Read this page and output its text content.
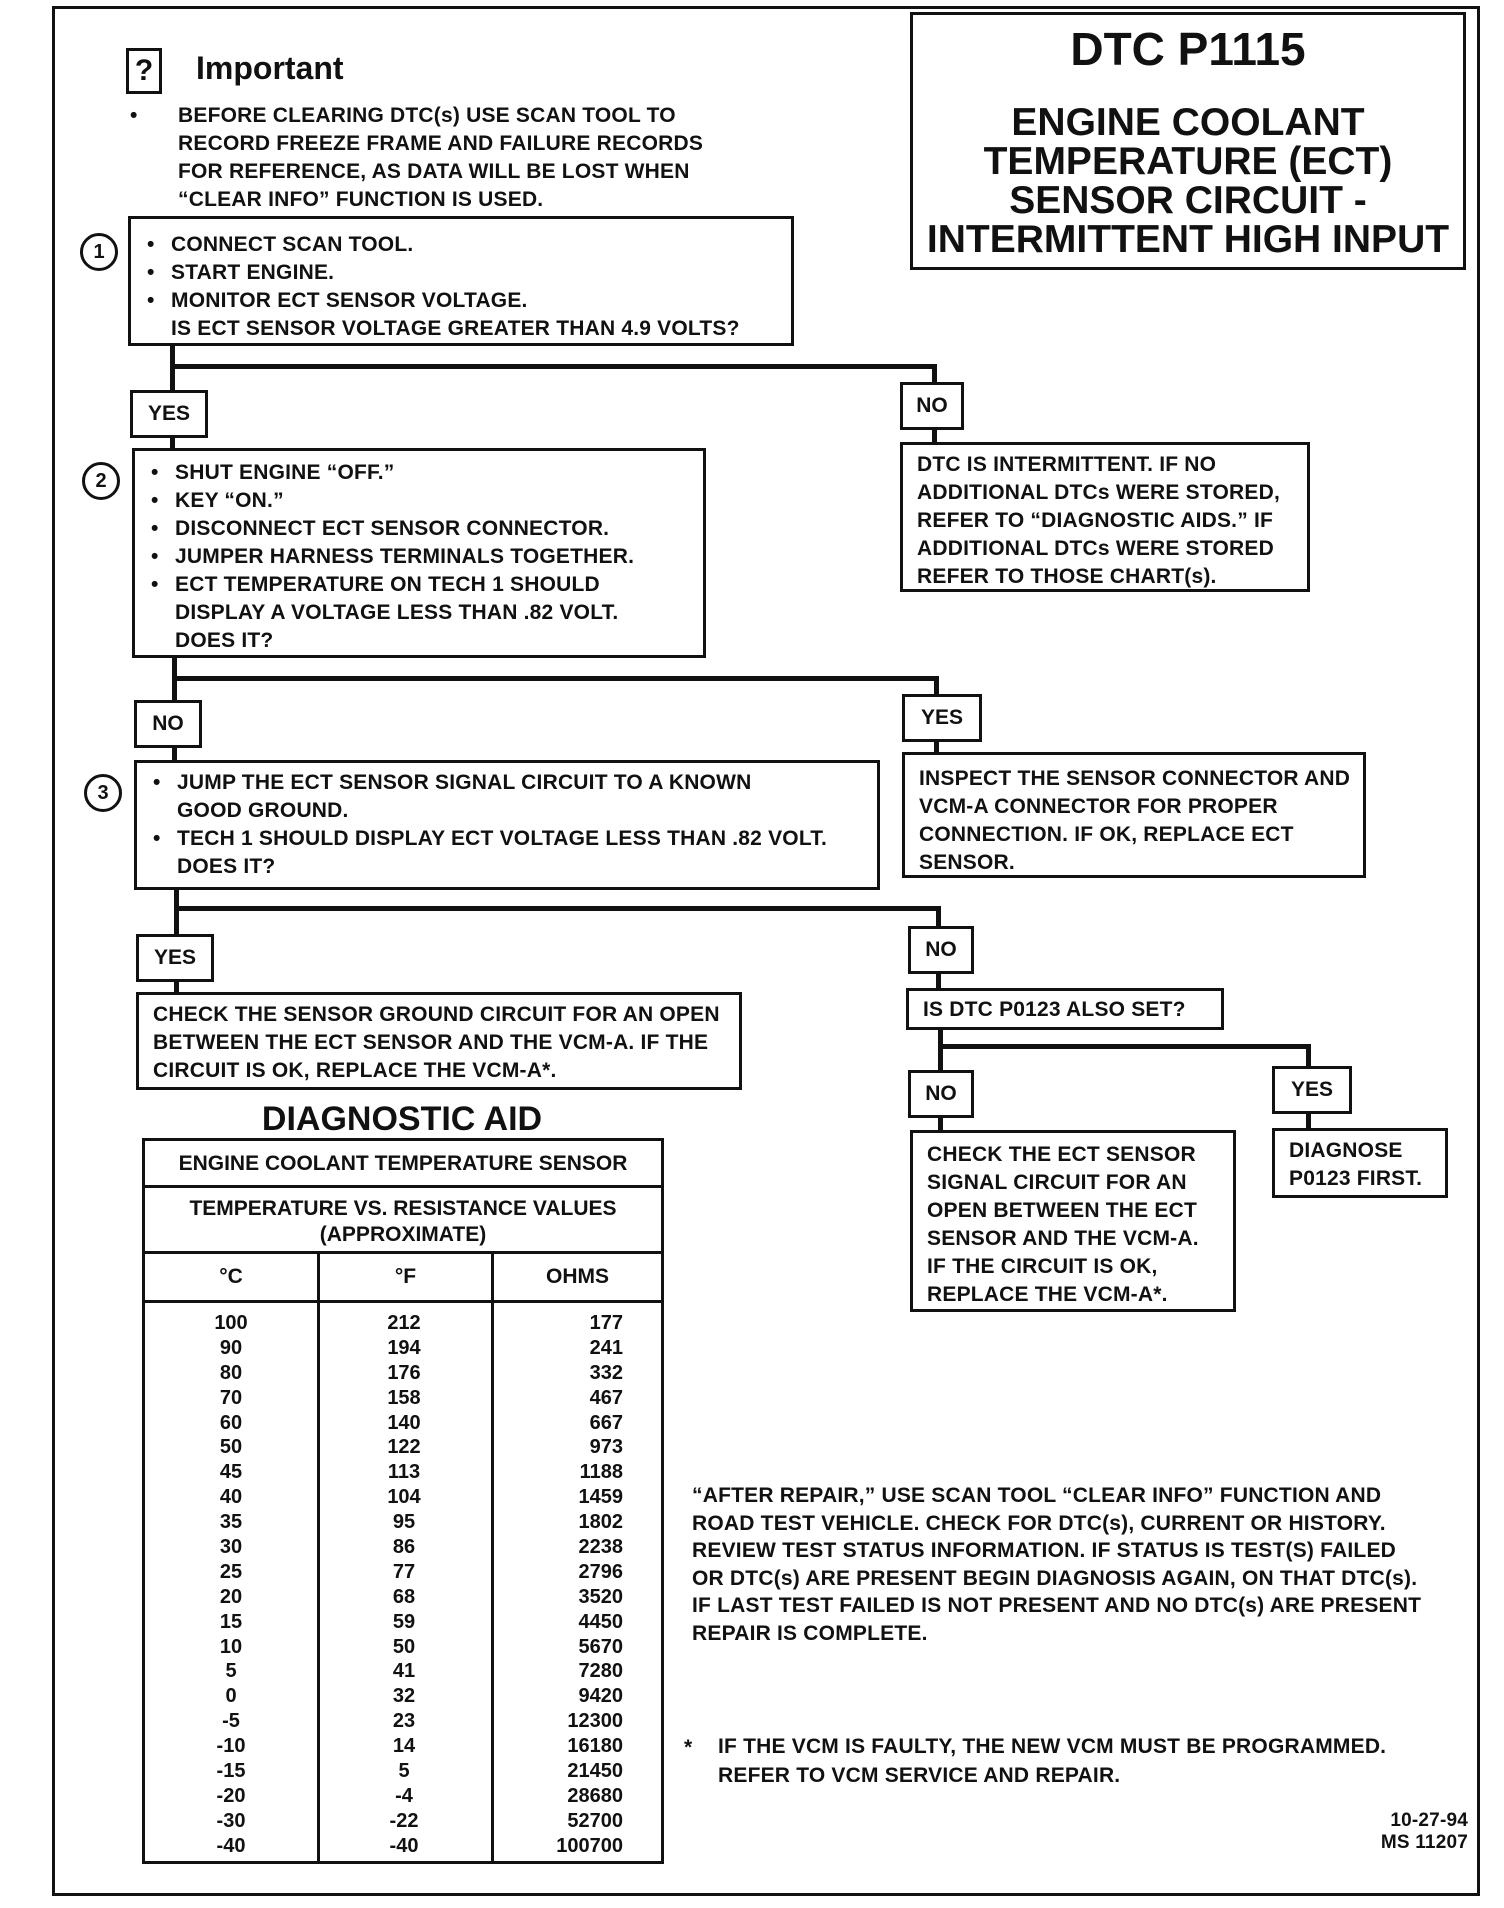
DTC P1115
ENGINE COOLANT
TEMPERATURE (ECT)
SENSOR CIRCUIT -
INTERMITTENT HIGH INPUT
? Important
• BEFORE CLEARING DTC(s) USE SCAN TOOL TO
RECORD FREEZE FRAME AND FAILURE RECORDS
FOR REFERENCE, AS DATA WILL BE LOST WHEN
“CLEAR INFO” FUNCTION IS USED.
1	• CONNECT SCAN TOOL.
• START ENGINE.
• MONITOR ECT SENSOR VOLTAGE.
IS ECT SENSOR VOLTAGE GREATER THAN 4.9 VOLTS?
YES	NO
DTC IS INTERMITTENT. IF NO ADDITIONAL DTCs WERE STORED, REFER TO “DIAGNOSTIC AIDS.” IF ADDITIONAL DTCs WERE STORED REFER TO THOSE CHART(s).
2	• SHUT ENGINE “OFF.”
• KEY “ON.”
• DISCONNECT ECT SENSOR CONNECTOR.
• JUMPER HARNESS TERMINALS TOGETHER.
• ECT TEMPERATURE ON TECH 1 SHOULD DISPLAY A VOLTAGE LESS THAN .82 VOLT.
DOES IT?
NO	YES
INSPECT THE SENSOR CONNECTOR AND VCM-A CONNECTOR FOR PROPER CONNECTION. IF OK, REPLACE ECT SENSOR.
3	• JUMP THE ECT SENSOR SIGNAL CIRCUIT TO A KNOWN GOOD GROUND.
• TECH 1 SHOULD DISPLAY ECT VOLTAGE LESS THAN .82 VOLT.
DOES IT?
YES	NO
CHECK THE SENSOR GROUND CIRCUIT FOR AN OPEN BETWEEN THE ECT SENSOR AND THE VCM-A. IF THE CIRCUIT IS OK, REPLACE THE VCM-A*.
IS DTC P0123 ALSO SET?
NO	YES
CHECK THE ECT SENSOR SIGNAL CIRCUIT FOR AN OPEN BETWEEN THE ECT SENSOR AND THE VCM-A. IF THE CIRCUIT IS OK, REPLACE THE VCM-A*.
DIAGNOSE P0123 FIRST.
DIAGNOSTIC AID
ENGINE COOLANT TEMPERATURE SENSOR
TEMPERATURE VS. RESISTANCE VALUES
(APPROXIMATE)
°C	°F	OHMS
100	212	177
90	194	241
80	176	332
70	158	467
60	140	667
50	122	973
45	113	1188
40	104	1459
35	95	1802
30	86	2238
25	77	2796
20	68	3520
15	59	4450
10	50	5670
5	41	7280
0	32	9420
-5	23	12300
-10	14	16180
-15	5	21450
-20	-4	28680
-30	-22	52700
-40	-40	100700
“AFTER REPAIR,” USE SCAN TOOL “CLEAR INFO” FUNCTION AND ROAD TEST VEHICLE. CHECK FOR DTC(s), CURRENT OR HISTORY. REVIEW TEST STATUS INFORMATION. IF STATUS IS TEST(S) FAILED OR DTC(s) ARE PRESENT BEGIN DIAGNOSIS AGAIN, ON THAT DTC(s). IF LAST TEST FAILED IS NOT PRESENT AND NO DTC(s) ARE PRESENT REPAIR IS COMPLETE.
* IF THE VCM IS FAULTY, THE NEW VCM MUST BE PROGRAMMED. REFER TO VCM SERVICE AND REPAIR.
10-27-94
MS 11207
